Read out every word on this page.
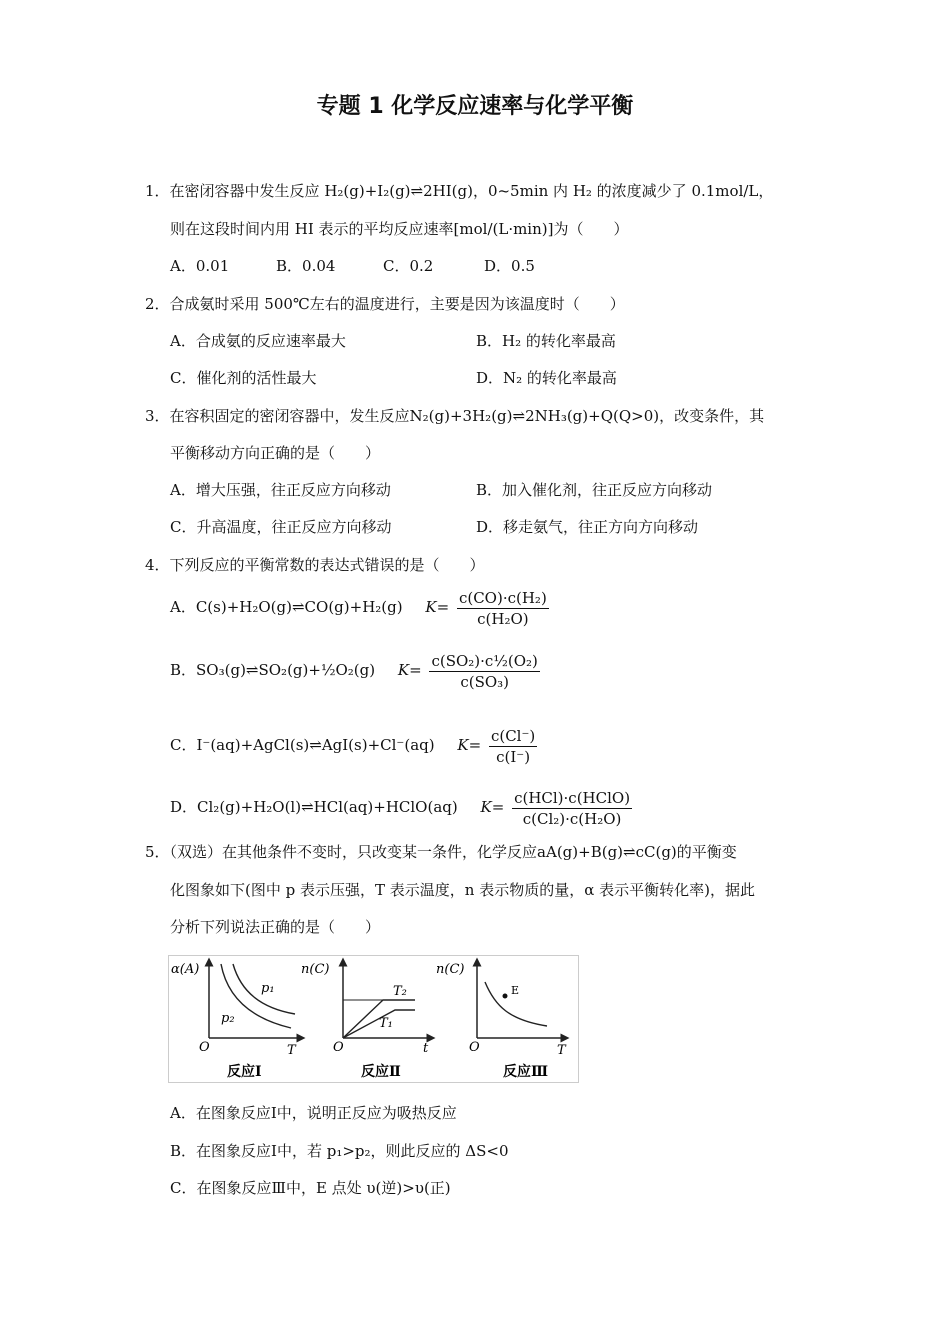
专题 1 化学反应速率与化学平衡
1．在密闭容器中发生反应 H₂(g)+I₂(g)⇌2HI(g)，0~5min 内 H₂ 的浓度减少了 0.1mol/L，
则在这段时间内用 HI 表示的平均反应速率[mol/(L·min)]为（　　）
A．0.01	B．0.04	C．0.2	D．0.5
2．合成氨时采用 500℃左右的温度进行，主要是因为该温度时（　　）
A．合成氨的反应速率最大	B．H₂ 的转化率最高
C．催化剂的活性最大	D．N₂ 的转化率最高
3．在容积固定的密闭容器中，发生反应N₂(g)+3H₂(g)⇌2NH₃(g)+Q(Q>0)，改变条件，其
平衡移动方向正确的是（　　）
A．增大压强，往正反应方向移动	B．加入催化剂，往正反应方向移动
C．升高温度，往正反应方向移动	D．移走氨气，往正方向方向移动
4．下列反应的平衡常数的表达式错误的是（　　）
A．C(s)+H₂O(g)⇌CO(g)+H₂(g) $K= \frac{\text{c(CO)·c(H₂)}}{\text{c(H₂O)}}$
B．SO₃(g)⇌SO₂(g)+½O₂(g) $K= \frac{\text{c(SO₂)·c½(O₂)}}{\text{c(SO₃)}}$
C．I⁻(aq)+AgCl(s)⇌AgI(s)+Cl⁻(aq) $K= \frac{c(Cl^-)}{c(I^-)}$
D．Cl₂(g)+H₂O(l)⇌HCl(aq)+HClO(aq) $K= \frac{\text{c(HCl)·c(HClO)}}{\text{c(Cl₂)·c(H₂O)}}$
5．（双选）在其他条件不变时，只改变某一条件，化学反应aA(g)+B(g)⇌cC(g)的平衡变
化图象如下(图中 p 表示压强，T 表示温度，n 表示物质的量，α 表示平衡转化率)，据此
分析下列说法正确的是（　　）
α(A)
p₁
p₂
O	T
反应Ⅰ
n(C)
T₂
T₁
O	t
反应Ⅱ
n(C)
E
O	T
反应Ⅲ
A．在图象反应Ⅰ中，说明正反应为吸热反应
B．在图象反应Ⅰ中，若 p₁>p₂，则此反应的 ΔS<0
C．在图象反应Ⅲ中，E 点处 υ(逆)>υ(正)
